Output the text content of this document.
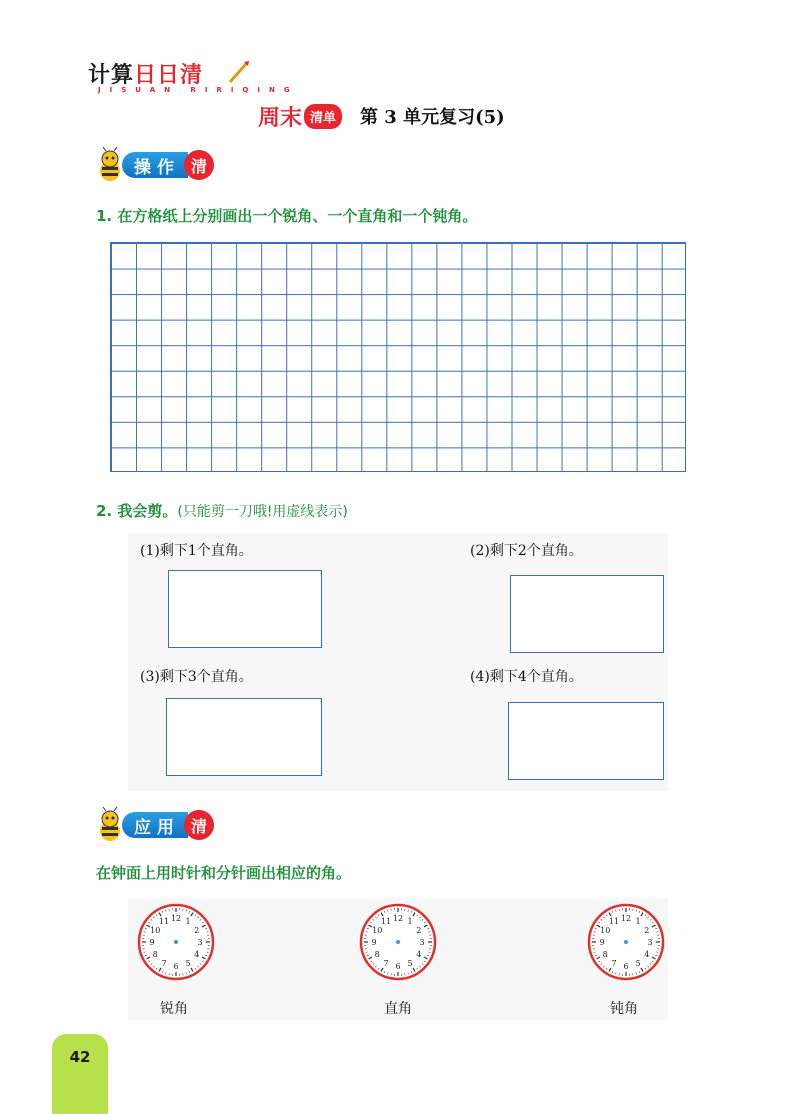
计算日日清
JISUAN RIRIQING
周末 清单	第 3 单元复习(5)
操作 清
1. 在方格纸上分别画出一个锐角、一个直角和一个钝角。
2. 我会剪。(只能剪一刀哦!用虚线表示)
(1)剩下1个直角。	(2)剩下2个直角。
(3)剩下3个直角。	(4)剩下4个直角。
应用 清
在钟面上用时针和分针画出相应的角。
1
2
3
4
5
6
7
8
9
10
11 12	1
2
3
4
5
6
7
8
9
10
11 12	1
2
3
4
5
6
7
8
9
10
11 12
锐角	直角	钝角
42
